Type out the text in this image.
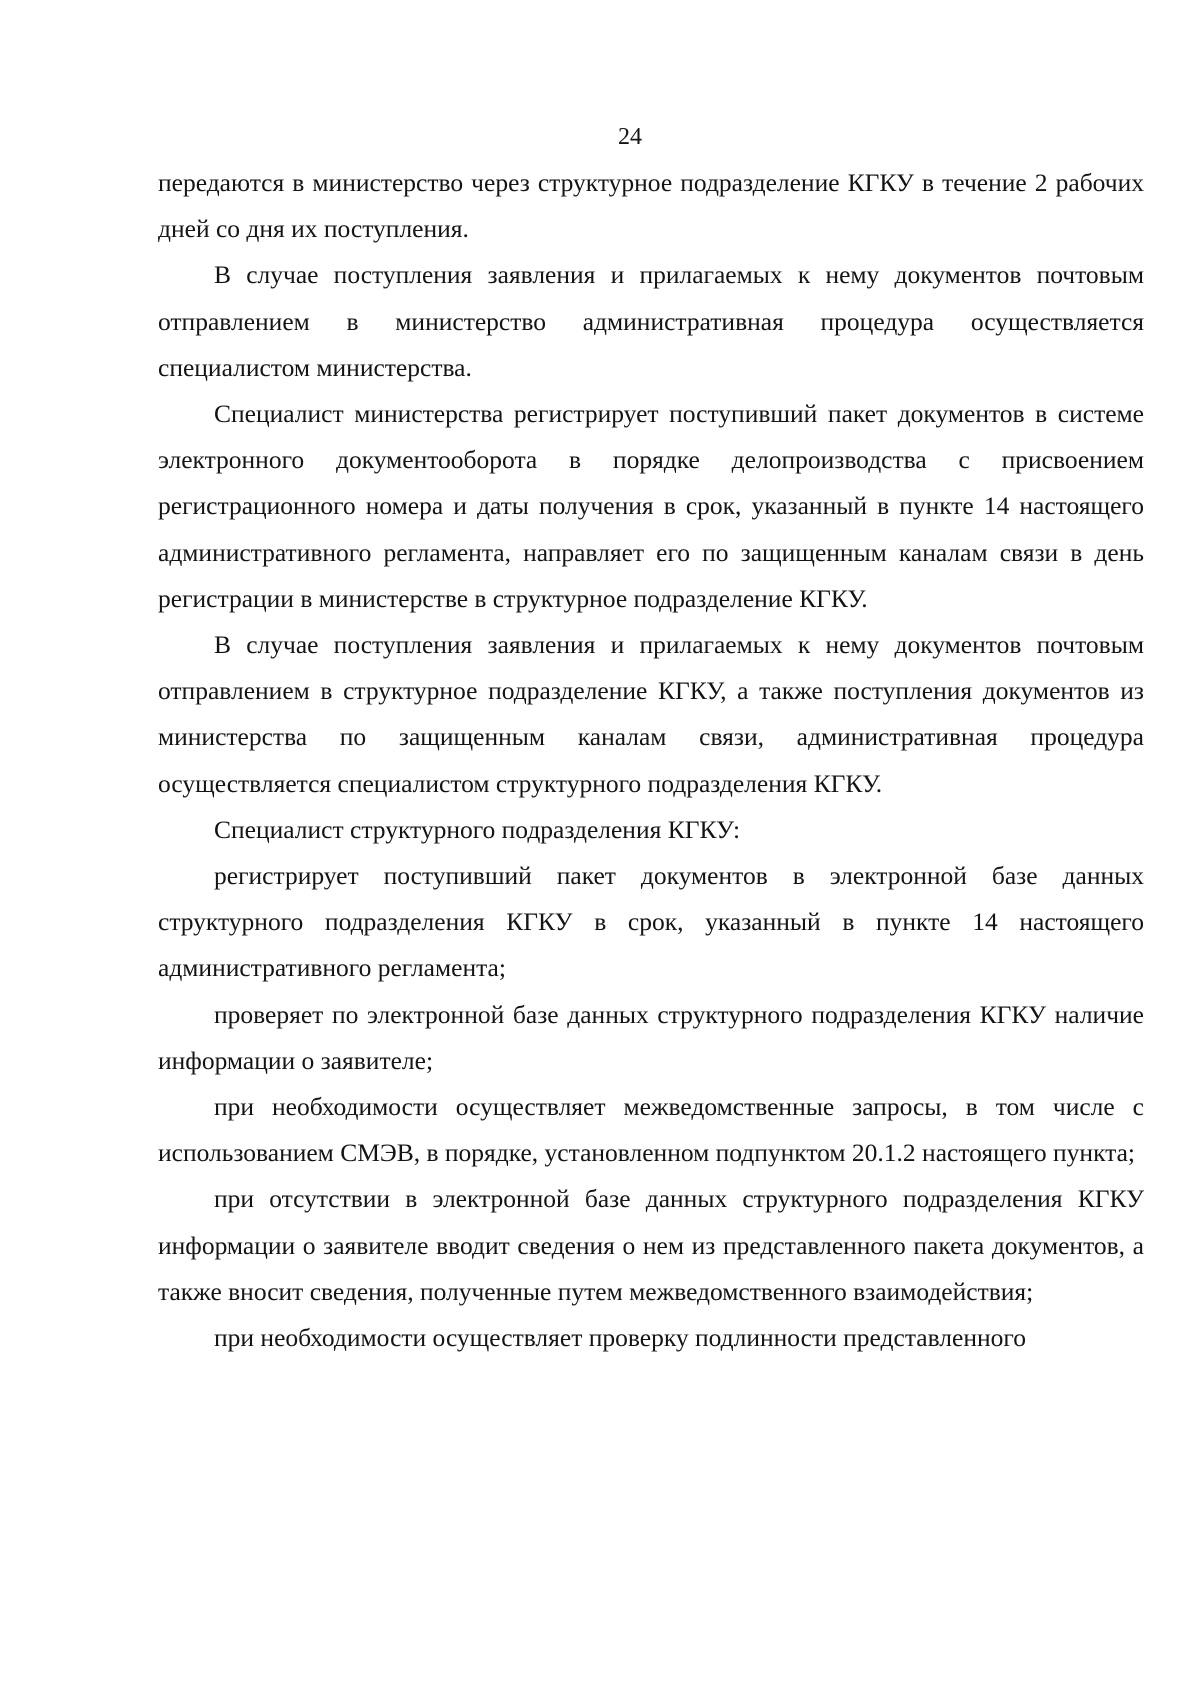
24

передаются в министерство через структурное подразделение КГКУ в течение 2 рабочих дней со дня их поступления.

В случае поступления заявления и прилагаемых к нему документов почтовым отправлением в министерство административная процедура осуществляется специалистом министерства.

Специалист министерства регистрирует поступивший пакет документов в системе электронного документооборота в порядке делопроизводства с присвоением регистрационного номера и даты получения в срок, указанный в пункте 14 настоящего административного регламента, направляет его по защищенным каналам связи в день регистрации в министерстве в структурное подразделение КГКУ.

В случае поступления заявления и прилагаемых к нему документов почтовым отправлением в структурное подразделение КГКУ, а также поступления документов из министерства по защищенным каналам связи, административная процедура осуществляется специалистом структурного подразделения КГКУ.

Специалист структурного подразделения КГКУ:

регистрирует поступивший пакет документов в электронной базе данных структурного подразделения КГКУ в срок, указанный в пункте 14 настоящего административного регламента;

проверяет по электронной базе данных структурного подразделения КГКУ наличие информации о заявителе;

при необходимости осуществляет межведомственные запросы, в том числе с использованием СМЭВ, в порядке, установленном подпунктом 20.1.2 настоящего пункта;

при отсутствии в электронной базе данных структурного подразделения КГКУ информации о заявителе вводит сведения о нем из представленного пакета документов, а также вносит сведения, полученные путем межведомственного взаимодействия;

при необходимости осуществляет проверку подлинности представленного
